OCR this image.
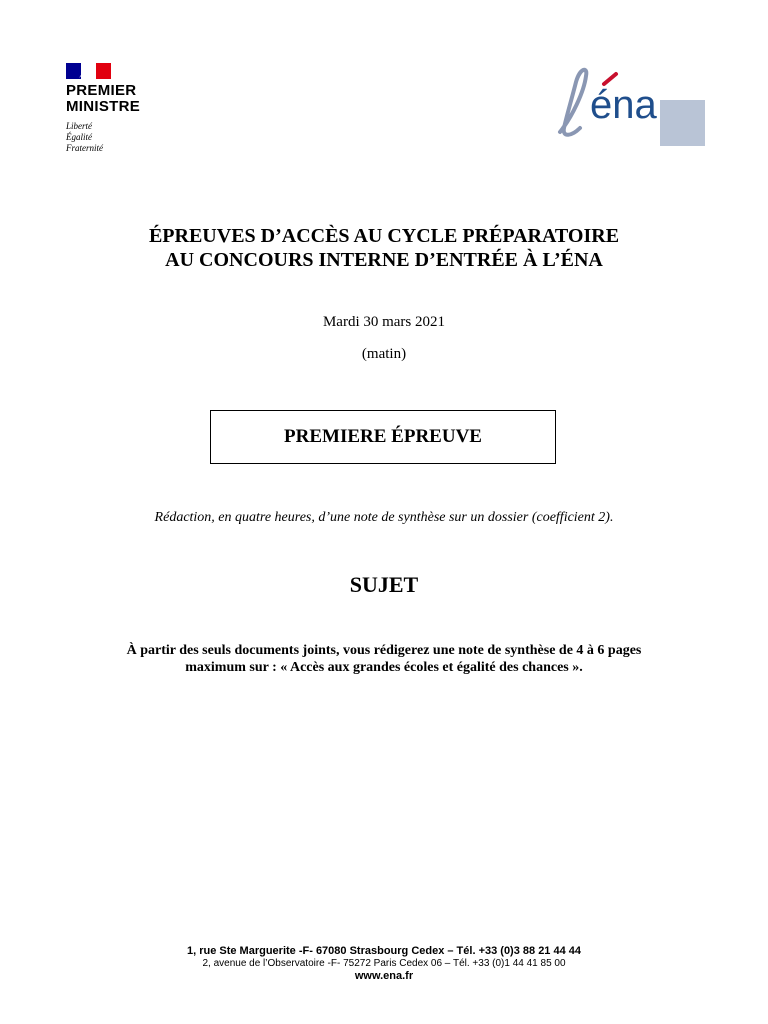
PREMIER
MINISTRE
Liberté
Égalité
Fraternité
éna
ÉPREUVES D’ACCÈS AU CYCLE PRÉPARATOIRE
AU CONCOURS INTERNE D’ENTRÉE À L’ÉNA
Mardi 30 mars 2021
(matin)
PREMIERE ÉPREUVE
Rédaction, en quatre heures, d’une note de synthèse sur un dossier (coefficient 2).
SUJET
À partir des seuls documents joints, vous rédigerez une note de synthèse de 4 à 6 pages
maximum sur : « Accès aux grandes écoles et égalité des chances ».
1, rue Ste Marguerite -F- 67080 Strasbourg Cedex – Tél. +33 (0)3 88 21 44 44
2, avenue de l’Observatoire -F- 75272 Paris Cedex 06 – Tél. +33 (0)1 44 41 85 00
www.ena.fr
